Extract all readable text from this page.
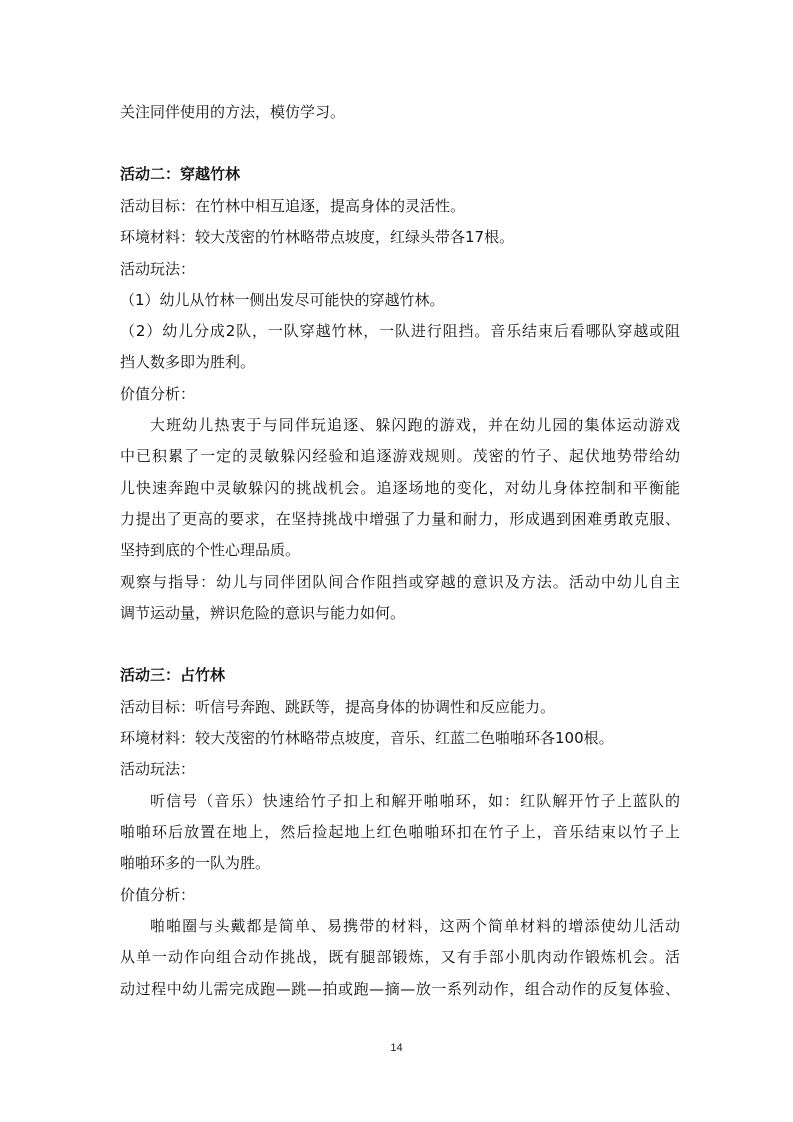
关注同伴使用的方法，模仿学习。
活动二：穿越竹林
活动目标：在竹林中相互追逐，提高身体的灵活性。
环境材料：较大茂密的竹林略带点坡度，红绿头带各17根。
活动玩法：
（1）幼儿从竹林一侧出发尽可能快的穿越竹林。
（2）幼儿分成2队，一队穿越竹林，一队进行阻挡。音乐结束后看哪队穿越或阻
挡人数多即为胜利。
价值分析：
大班幼儿热衷于与同伴玩追逐、躲闪跑的游戏，并在幼儿园的集体运动游戏
中已积累了一定的灵敏躲闪经验和追逐游戏规则。茂密的竹子、起伏地势带给幼
儿快速奔跑中灵敏躲闪的挑战机会。追逐场地的变化，对幼儿身体控制和平衡能
力提出了更高的要求，在坚持挑战中增强了力量和耐力，形成遇到困难勇敢克服、
坚持到底的个性心理品质。
观察与指导：幼儿与同伴团队间合作阻挡或穿越的意识及方法。活动中幼儿自主
调节运动量，辨识危险的意识与能力如何。
活动三：占竹林
活动目标：听信号奔跑、跳跃等，提高身体的协调性和反应能力。
环境材料：较大茂密的竹林略带点坡度，音乐、红蓝二色啪啪环各100根。
活动玩法：
听信号（音乐）快速给竹子扣上和解开啪啪环，如：红队解开竹子上蓝队的
啪啪环后放置在地上，然后捡起地上红色啪啪环扣在竹子上，音乐结束以竹子上
啪啪环多的一队为胜。
价值分析：
啪啪圈与头戴都是简单、易携带的材料，这两个简单材料的增添使幼儿活动
从单一动作向组合动作挑战，既有腿部锻炼，又有手部小肌肉动作锻炼机会。活
动过程中幼儿需完成跑—跳—拍或跑—摘—放一系列动作，组合动作的反复体验、
14
